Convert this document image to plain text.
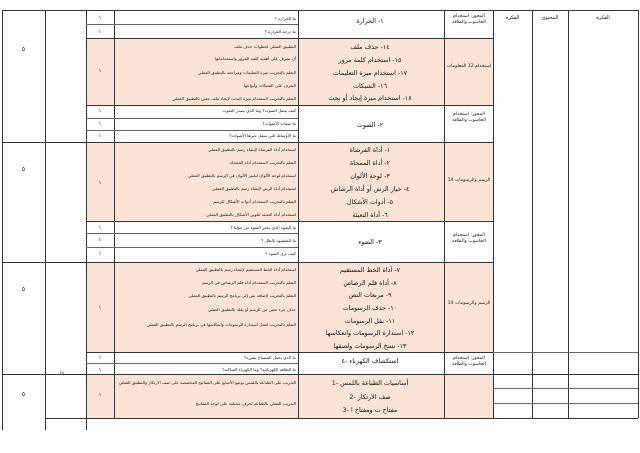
المحتوى
الفكرة	الفكرة
٥
٥
٥
٥
٢٨
١
١
١
١
١
١
١
١
١
١
١
١
١
١
المحور: استخدام الحاسوب والطاقة
استخدام 12 المعلومات
المحور: استخدام الحاسوب والطاقة
الرسم والرسومات 14
المحور: استخدام الحاسوب والطاقة
الرسم والرسومات 14
المحور: استخدام الحاسوب والطاقة
١- الحرارة
ما الحرارة ؟
ما درجة الحرارة ؟
١٤- حذف ملف
١٥- استخدام كلمة مرور
١٧- استخدام ميزة التعليمات
١٦- الشبكات
١٨- استخدام ميزة إيجاد أو بحث
التطبيق العملي لخطوات حذف ملف
أن يتعرف على أهمية كلمة المرور واستخداماتها
التعلم بالتجريب ميزة التعليمات ومراجعة بالتطبيق العملي
التعرف على الشبكات وأنواعها
التعلم بالتجريب لاستخدام ميزة البحث لإيجاد ملف معين بالتطبيق العملي
٢- الصوت
كيف ينتقل الصوت؟ وما الذي يصدر الصوت
ما صفات الأصوات؟
ما الأوساط التي ينتقل عبرها الأصوات؟
١- أداة الفرشاة
٢- أداة الممحاة
٣- لوحة الألوان
٤- خيار الرش أو أداة الرشاش
٥- أدوات الأشكال
٦- أداة التعبئة
استخدام أداة الفرشاة لإنشاء رسم بالتطبيق العملي
التعلم بالتجريب لاستخدام أداة الممحاة
استخدام لوحة الألوان لتغيير الألوان في الرسم بالتطبيق العملي
استخدام أداة الرش لإنشاء رسم بالتطبيق العملي
التعلم بالتجريب لاستخدام أدوات الأشكال للرسم
استخدام أداة التعبئة لتلوين الأشكال بالتطبيق العملي
٣- الضوء
ما الضوء الذي يجعر الضوء من حولنا ؟
ما المقصود بالظل ؟
كيف نرى الضوء ؟
٧- أداة الخط المستقيم
٨- أداة قلم الرصاص
٩- مربعات النص
١٠- حذف الرسومات
١١- نقل الرسومات
١٢- استدارة الرسومات وانعكاسها
١٣- نسخ الرسومات ولصقها
استخدام أداة الخط المستقيم لإنشاء رسم بالتطبيق العملي
التعلم بالتجريب لاستخدام أداة قلم الرصاص في الرسم
التعلم بالتجريب لإضافة نص إلى برنامج الرسم بالتطبيق العملي
حذف جزء معين من الرسم أو نقله بالتطبيق العملي
التعلم بالتجريب لعمل استدارة للرسومات وانعكاسها في برنامج الرسم بالتطبيق العملي
استكشاف الكهرباء -٤
ما الذي يجعل المصباح يضيء؟
ما الطاقة الكهربائية؟ وما الكهرباء الساكنة؟
أساسيات الطباعة باللمس -1
صف الارتكاز -2
مفتاح ت ومفتاح ا -3
التدريب على الطباعة باللمس بوضع الأصابع على المفاتيح المخصصة على صف الارتكاز والتطبيق العملي
التدريب العملي بالطباعة لحرف مختلفة على لوحة المفاتيح
